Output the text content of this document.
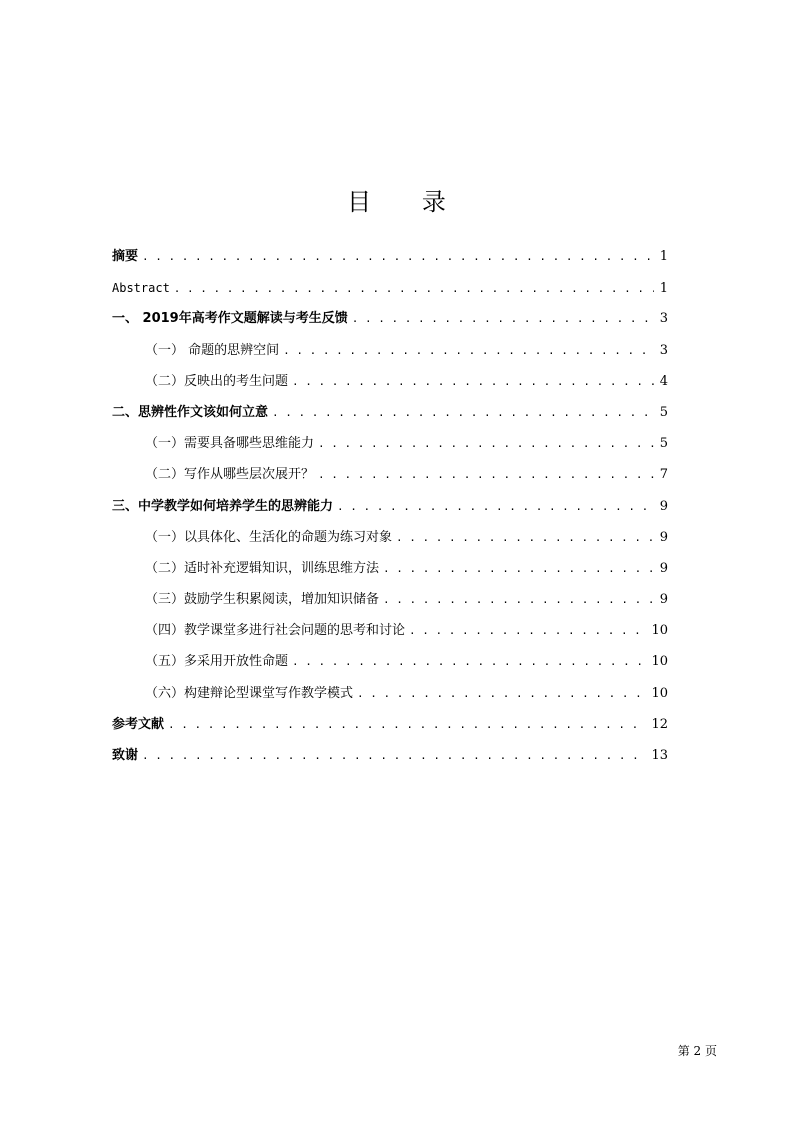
目 录
摘要 . . .	1
Abstract . . .	1
一、 2019年高考作文题解读与考生反馈 . . .	3
（一） 命题的思辨空间 . . .	3
（二）反映出的考生问题 . . .	4
二、思辨性作文该如何立意 . . .	5
（一）需要具备哪些思维能力 . . .	5
（二）写作从哪些层次展开？ . . .	7
三、中学教学如何培养学生的思辨能力 . . .	9
（一）以具体化、生活化的命题为练习对象 . . .	9
（二）适时补充逻辑知识，训练思维方法 . . .	9
（三）鼓励学生积累阅读，增加知识储备 . . .	9
（四）教学课堂多进行社会问题的思考和讨论 . . .	10
（五）多采用开放性命题 . . .	10
（六）构建辩论型课堂写作教学模式 . . .	10
参考文献 . . .	12
致谢 . . .	13
第 2 页
